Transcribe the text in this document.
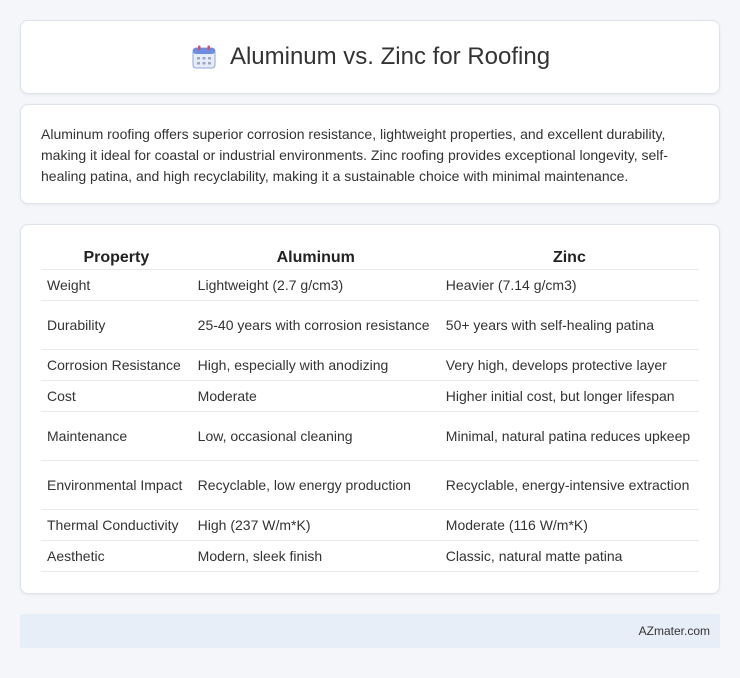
Aluminum vs. Zinc for Roofing

Aluminum roofing offers superior corrosion resistance, lightweight properties, and excellent durability, making it ideal for coastal or industrial environments. Zinc roofing provides exceptional longevity, self-healing patina, and high recyclability, making it a sustainable choice with minimal maintenance.

Property	Aluminum	Zinc
Weight	Lightweight (2.7 g/cm3)	Heavier (7.14 g/cm3)
Durability	25-40 years with corrosion resistance	50+ years with self-healing patina
Corrosion Resistance	High, especially with anodizing	Very high, develops protective layer
Cost	Moderate	Higher initial cost, but longer lifespan
Maintenance	Low, occasional cleaning	Minimal, natural patina reduces upkeep
Environmental Impact	Recyclable, low energy production	Recyclable, energy-intensive extraction
Thermal Conductivity	High (237 W/m*K)	Moderate (116 W/m*K)
Aesthetic	Modern, sleek finish	Classic, natural matte patina
AZmater.com
